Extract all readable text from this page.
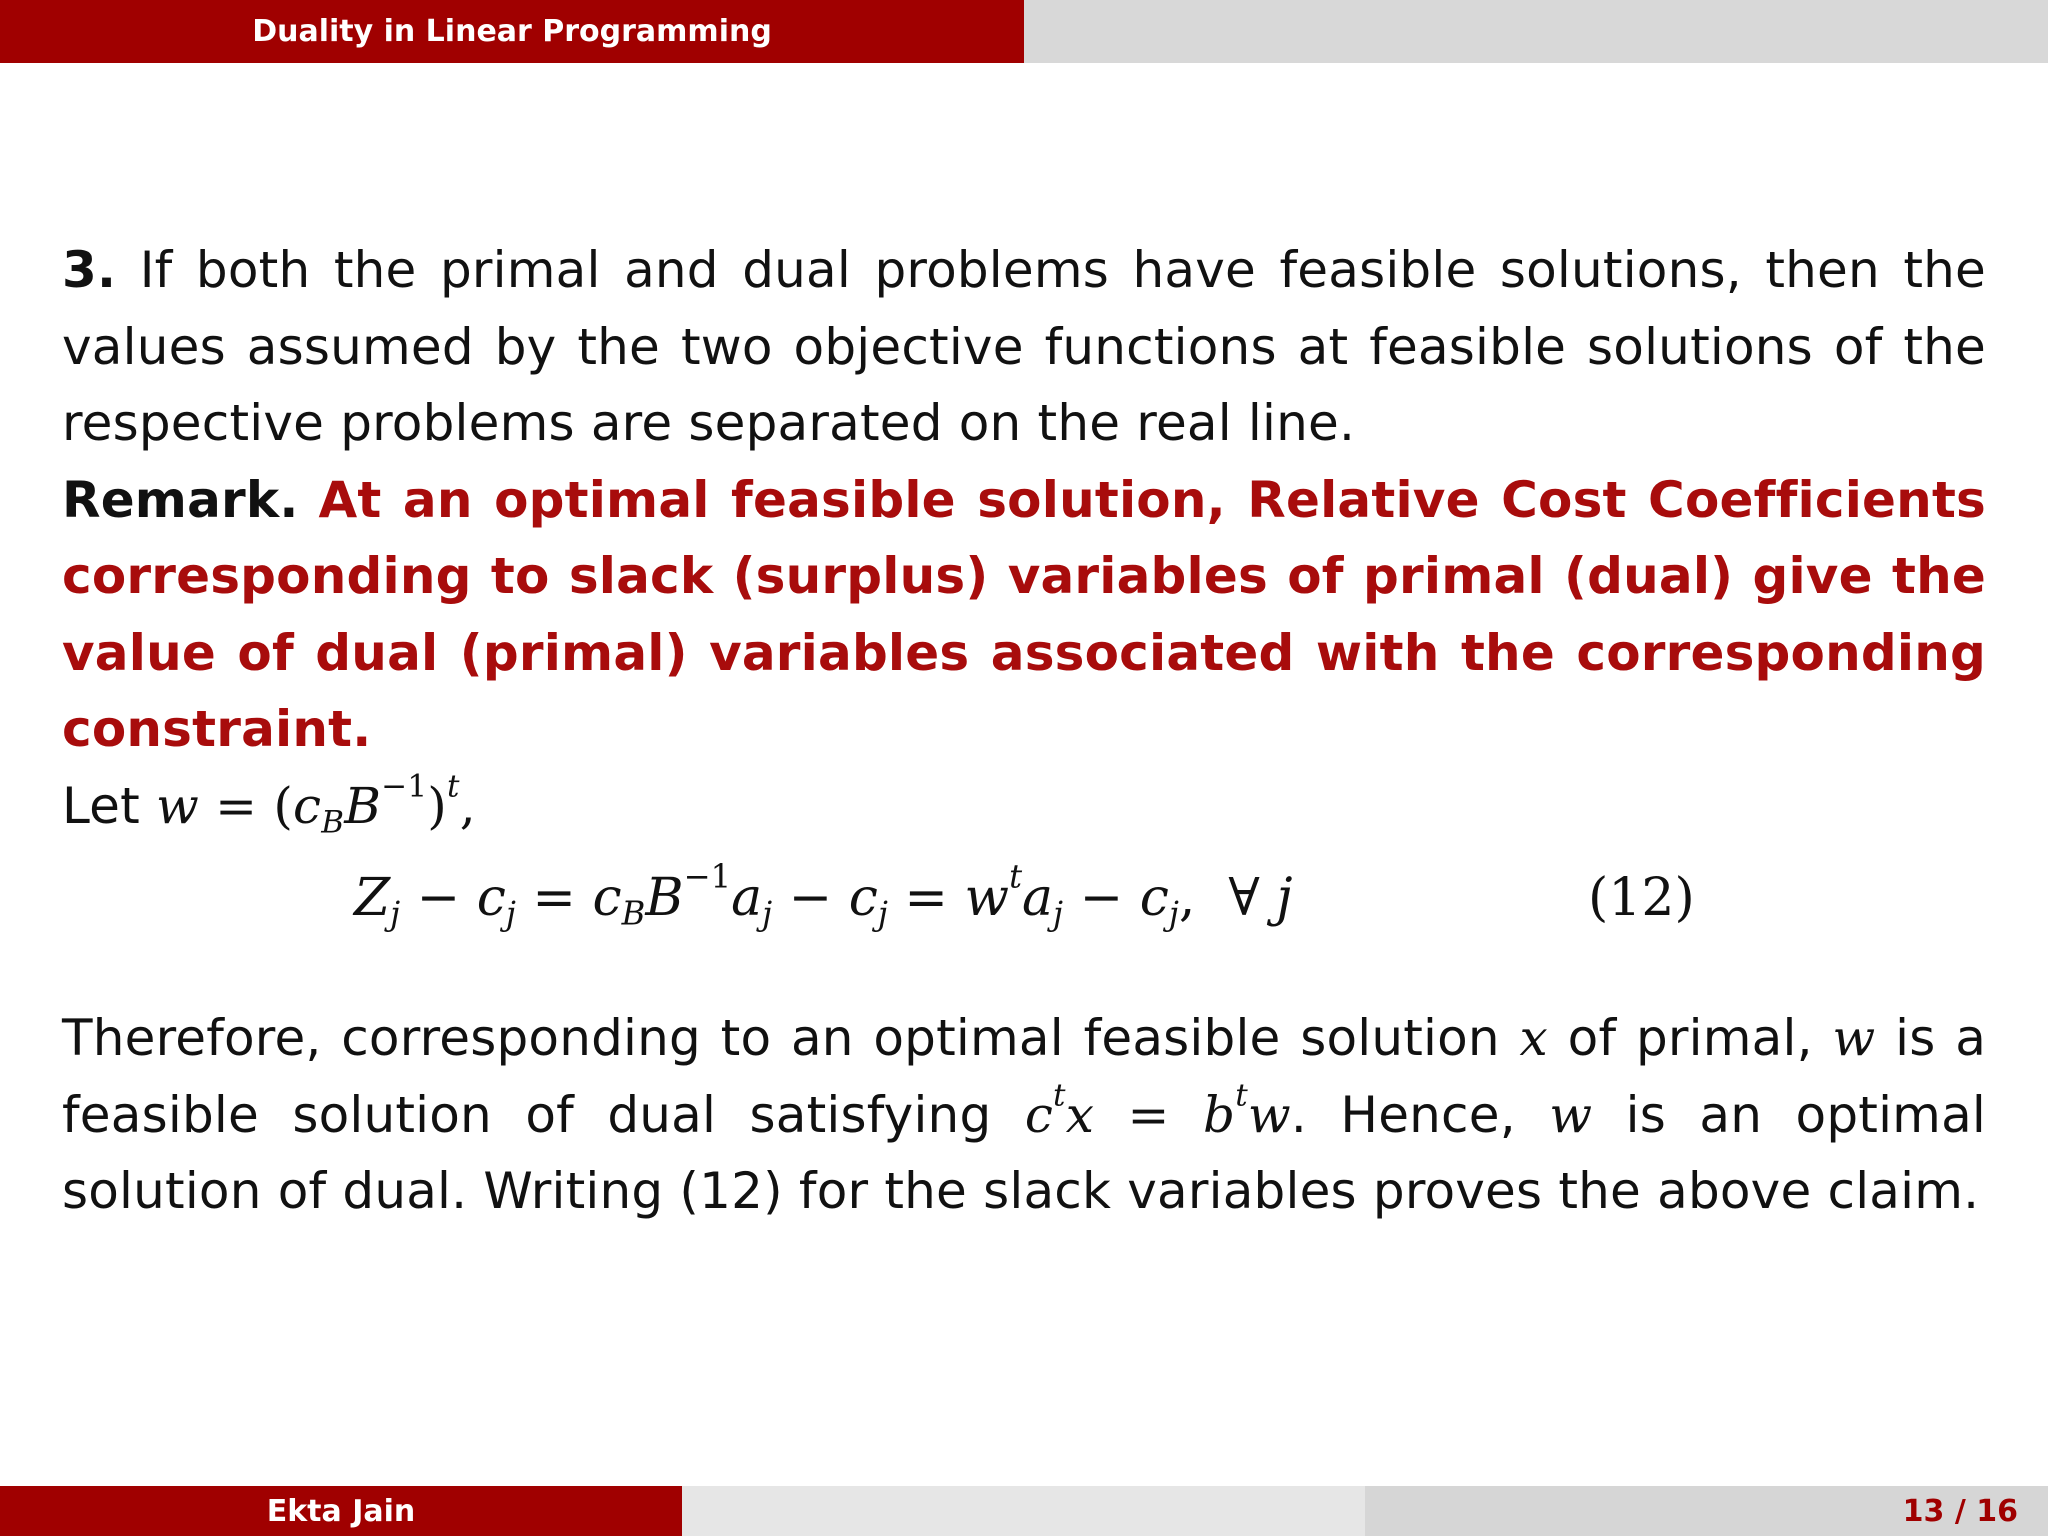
Duality in Linear Programming

3. If both the primal and dual problems have feasible solutions, then the values assumed by the two objective functions at feasible solutions of the respective problems are separated on the real line.
Remark. At an optimal feasible solution, Relative Cost Coefficients corresponding to slack (surplus) variables of primal (dual) give the value of dual (primal) variables associated with the corresponding constraint.
Let $w = (c_BB^{-1})^t$,

$Z_j - c_j = c_BB^{-1}a_j - c_j = w^ta_j - c_j$, ∀ j	(12)

Therefore, corresponding to an optimal feasible solution x of primal, w is a feasible solution of dual satisfying $c^tx = b^tw$. Hence, w is an optimal solution of dual. Writing (12) for the slack variables proves the above claim.

Ekta Jain	13 / 16
